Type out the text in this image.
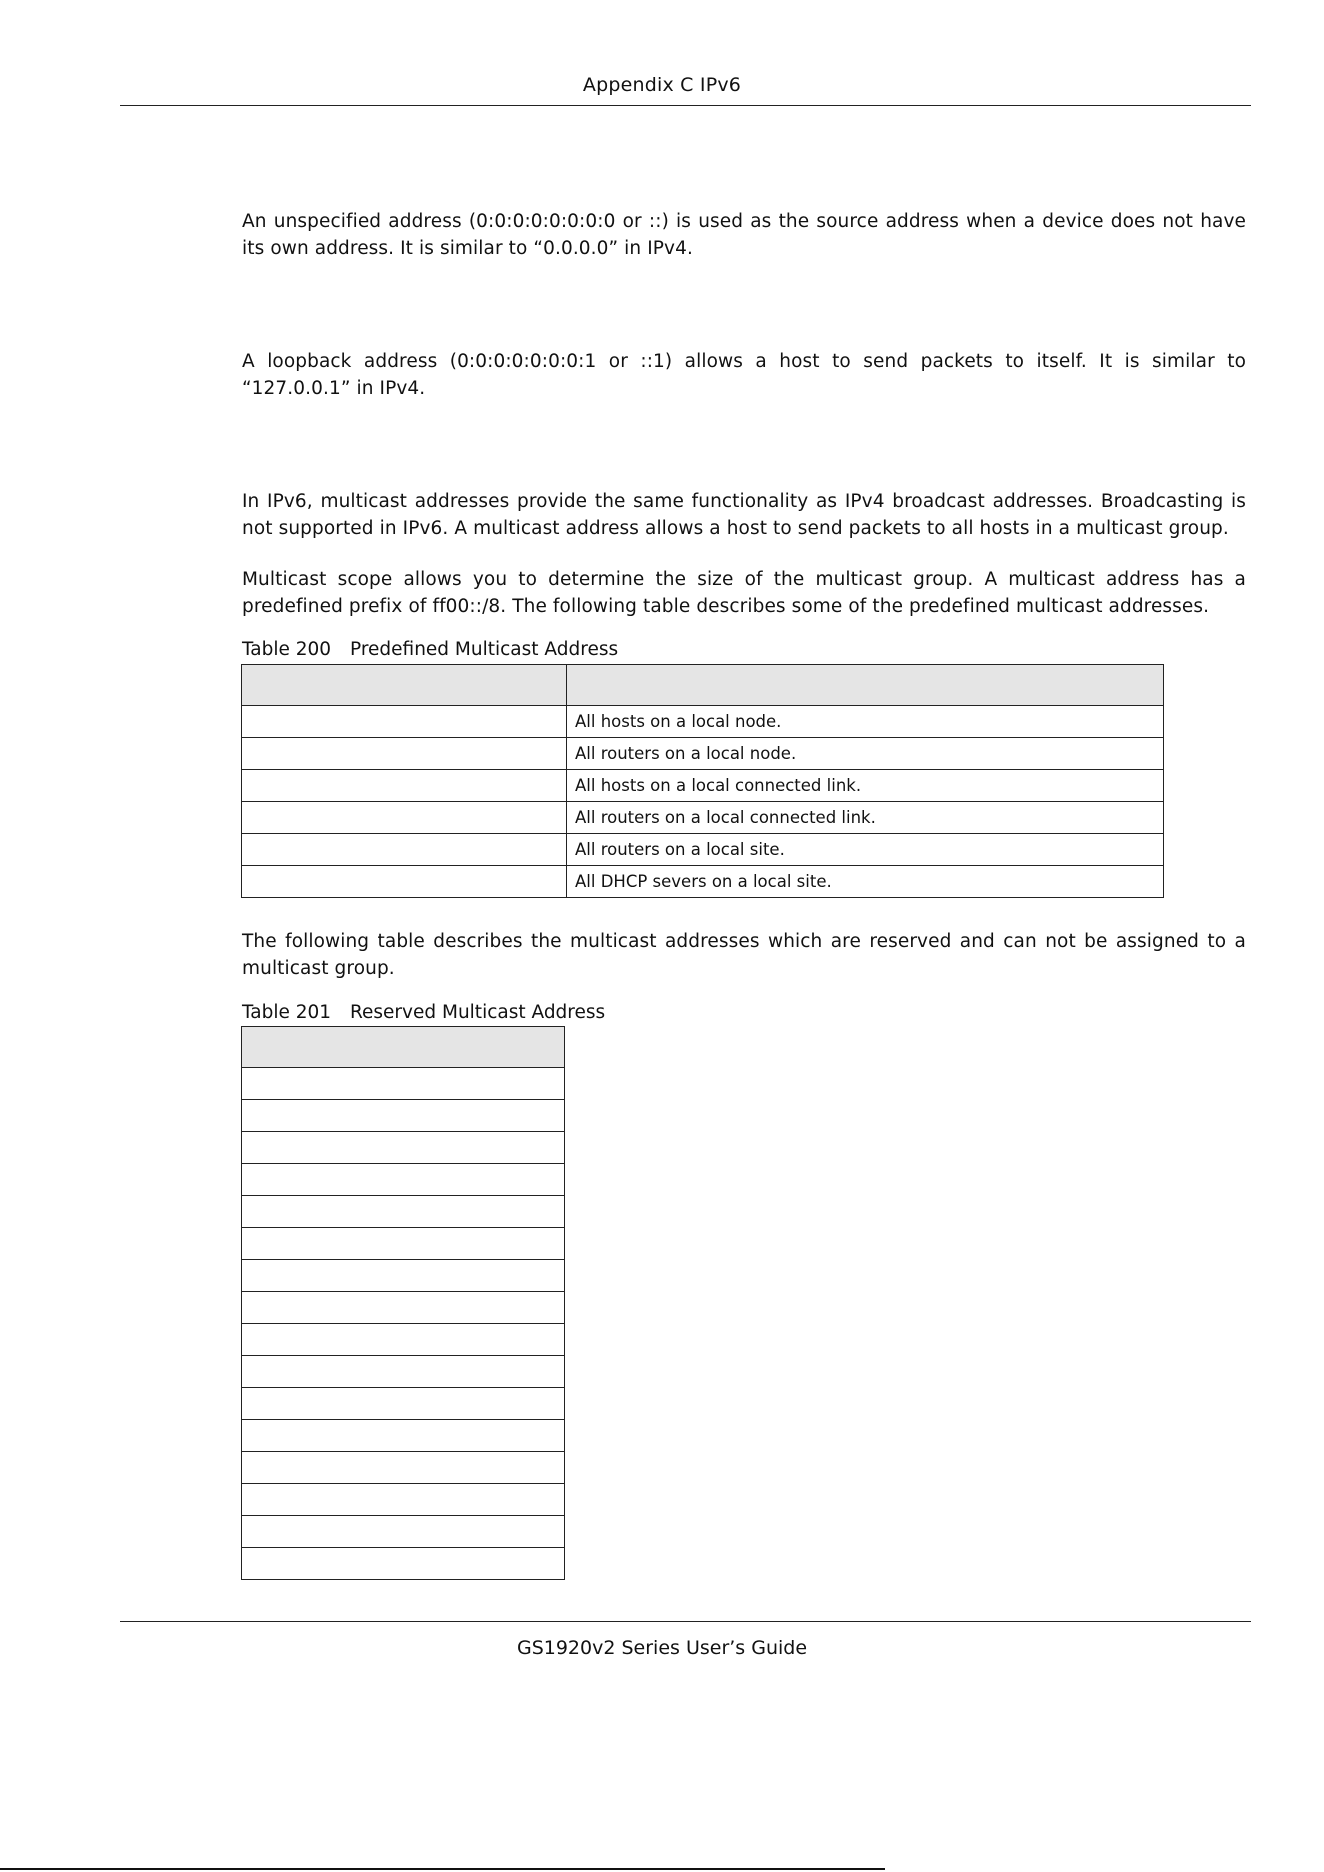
Appendix C IPv6

An unspecified address (0:0:0:0:0:0:0:0 or ::) is used as the source address when a device does not have its own address. It is similar to “0.0.0.0” in IPv4.

A loopback address (0:0:0:0:0:0:0:1 or ::1) allows a host to send packets to itself. It is similar to “127.0.0.1” in IPv4.

In IPv6, multicast addresses provide the same functionality as IPv4 broadcast addresses. Broadcasting is not supported in IPv6. A multicast address allows a host to send packets to all hosts in a multicast group.

Multicast scope allows you to determine the size of the multicast group. A multicast address has a predefined prefix of ff00::/8. The following table describes some of the predefined multicast addresses.

Table 200 Predefined Multicast Address

	All hosts on a local node.
	All routers on a local node.
	All hosts on a local connected link.
	All routers on a local connected link.
	All routers on a local site.
	All DHCP severs on a local site.

The following table describes the multicast addresses which are reserved and can not be assigned to a multicast group.

Table 201 Reserved Multicast Address

GS1920v2 Series User’s Guide
